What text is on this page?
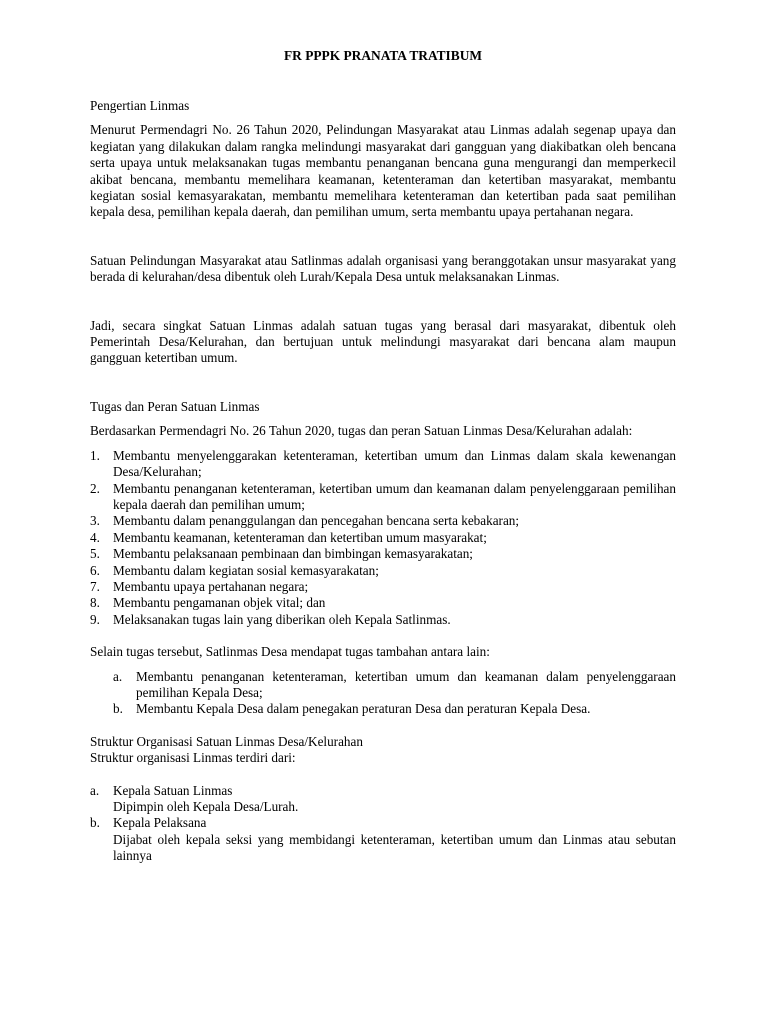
FR PPPK PRANATA TRATIBUM
Pengertian Linmas

Menurut Permendagri No. 26 Tahun 2020, Pelindungan Masyarakat atau Linmas adalah segenap upaya dan kegiatan yang dilakukan dalam rangka melindungi masyarakat dari gangguan yang diakibatkan oleh bencana serta upaya untuk melaksanakan tugas membantu penanganan bencana guna mengurangi dan memperkecil akibat bencana, membantu memelihara keamanan, ketenteraman dan ketertiban masyarakat, membantu kegiatan sosial kemasyarakatan, membantu memelihara ketenteraman dan ketertiban pada saat pemilihan kepala desa, pemilihan kepala daerah, dan pemilihan umum, serta membantu upaya pertahanan negara.

Satuan Pelindungan Masyarakat atau Satlinmas adalah organisasi yang beranggotakan unsur masyarakat yang berada di kelurahan/desa dibentuk oleh Lurah/Kepala Desa untuk melaksanakan Linmas.

Jadi, secara singkat Satuan Linmas adalah satuan tugas yang berasal dari masyarakat, dibentuk oleh Pemerintah Desa/Kelurahan, dan bertujuan untuk melindungi masyarakat dari bencana alam maupun gangguan ketertiban umum.

Tugas dan Peran Satuan Linmas

Berdasarkan Permendagri No. 26 Tahun 2020, tugas dan peran Satuan Linmas Desa/Kelurahan adalah:

1. Membantu menyelenggarakan ketenteraman, ketertiban umum dan Linmas dalam skala kewenangan Desa/Kelurahan;
2. Membantu penanganan ketenteraman, ketertiban umum dan keamanan dalam penyelenggaraan pemilihan kepala daerah dan pemilihan umum;
3. Membantu dalam penanggulangan dan pencegahan bencana serta kebakaran;
4. Membantu keamanan, ketenteraman dan ketertiban umum masyarakat;
5. Membantu pelaksanaan pembinaan dan bimbingan kemasyarakatan;
6. Membantu dalam kegiatan sosial kemasyarakatan;
7. Membantu upaya pertahanan negara;
8. Membantu pengamanan objek vital; dan
9. Melaksanakan tugas lain yang diberikan oleh Kepala Satlinmas.

Selain tugas tersebut, Satlinmas Desa mendapat tugas tambahan antara lain:

a. Membantu penanganan ketenteraman, ketertiban umum dan keamanan dalam penyelenggaraan pemilihan Kepala Desa;
b. Membantu Kepala Desa dalam penegakan peraturan Desa dan peraturan Kepala Desa.
Struktur Organisasi Satuan Linmas Desa/Kelurahan

Struktur organisasi Linmas terdiri dari:

a. Kepala Satuan Linmas
Dipimpin oleh Kepala Desa/Lurah.
b. Kepala Pelaksana
Dijabat oleh kepala seksi yang membidangi ketenteraman, ketertiban umum dan Linmas atau sebutan lainnya
